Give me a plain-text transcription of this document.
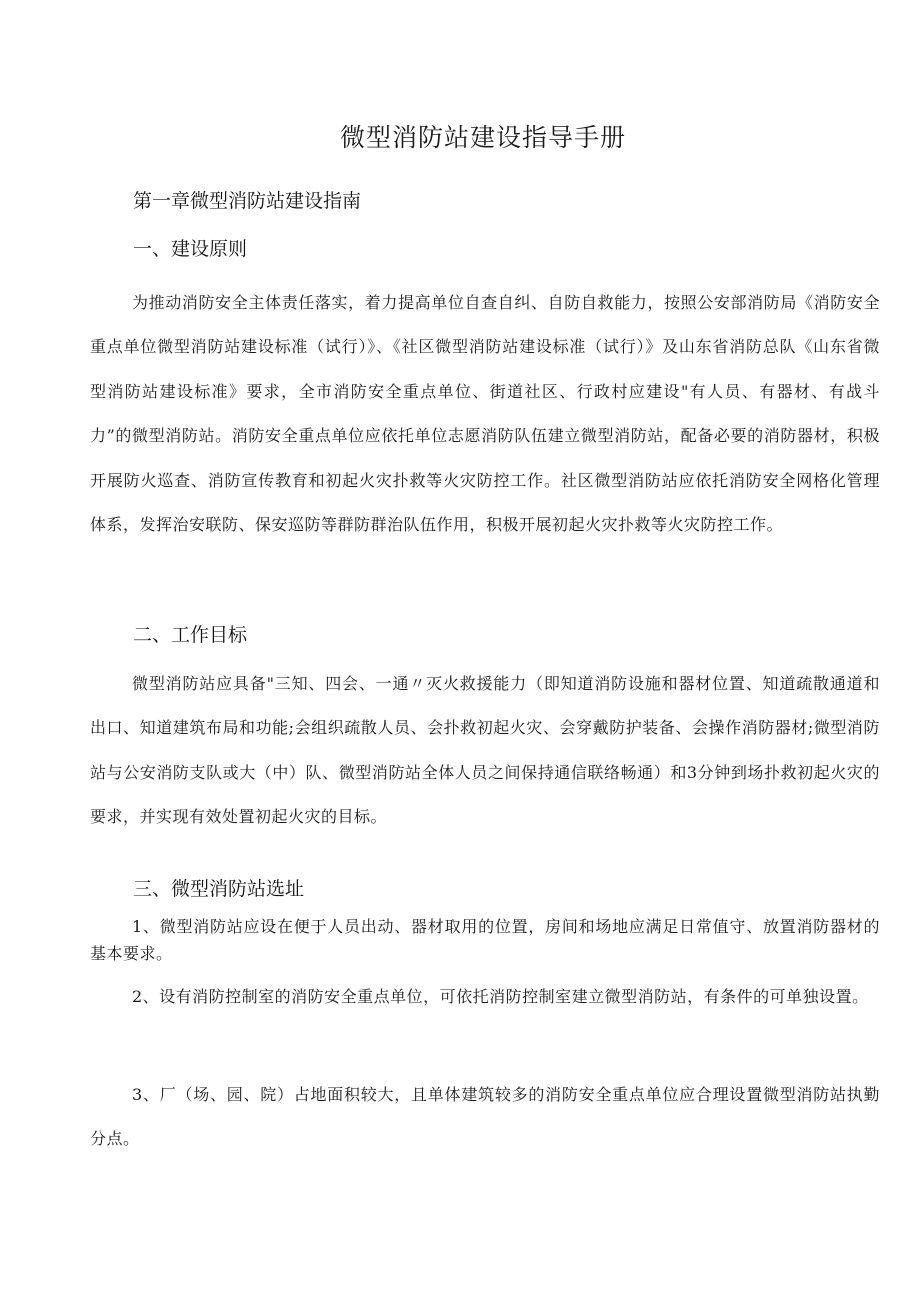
微型消防站建设指导手册
第一章微型消防站建设指南
一、建设原则

为推动消防安全主体责任落实，着力提高单位自查自纠、自防自救能力，按照公安部消防局《消防安全重点单位微型消防站建设标准（试行）》、《社区微型消防站建设标准（试行）》及山东省消防总队《山东省微型消防站建设标准》要求，全市消防安全重点单位、街道社区、行政村应建设"有人员、有器材、有战斗力”的微型消防站。消防安全重点单位应依托单位志愿消防队伍建立微型消防站，配备必要的消防器材，积极开展防火巡查、消防宣传教育和初起火灾扑救等火灾防控工作。社区微型消防站应依托消防安全网格化管理体系，发挥治安联防、保安巡防等群防群治队伍作用，积极开展初起火灾扑救等火灾防控工作。

二、工作目标

微型消防站应具备"三知、四会、一通〃灭火救援能力（即知道消防设施和器材位置、知道疏散通道和出口、知道建筑布局和功能;会组织疏散人员、会扑救初起火灾、会穿戴防护装备、会操作消防器材;微型消防站与公安消防支队或大（中）队、微型消防站全体人员之间保持通信联络畅通）和3分钟到场扑救初起火灾的要求，并实现有效处置初起火灾的目标。

三、微型消防站选址

1、微型消防站应设在便于人员出动、器材取用的位置，房间和场地应满足日常值守、放置消防器材的基本要求。

2、设有消防控制室的消防安全重点单位，可依托消防控制室建立微型消防站，有条件的可单独设置。

3、厂（场、园、院）占地面积较大，且单体建筑较多的消防安全重点单位应合理设置微型消防站执勤分点。
